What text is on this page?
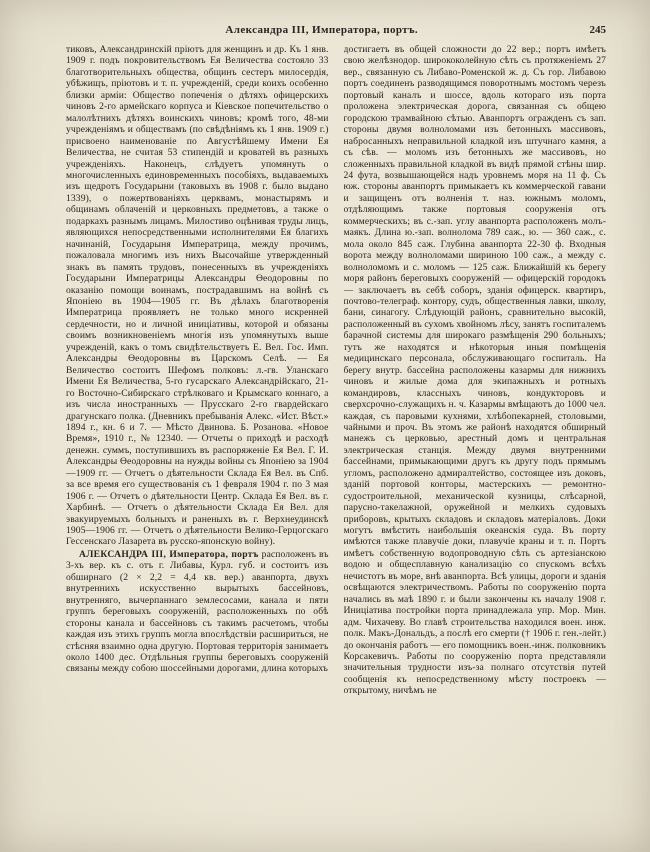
Александра III, Императора, портъ.	245

тиковъ, Александринскій пріютъ для женщинъ и др. Къ 1 янв. 1909 г. подъ покровительствомъ Ея Величества состояло 33 благотворительныхъ общества, общинъ сестеръ милосердія, убѣжищъ, пріютовъ и т. п. учрежденій, среди коихъ особенно близки арміи: Общество попеченія о дѣтяхъ офицерскихъ чиновъ 2-го армейскаго корпуса и Кіевское попечительство о малолѣтнихъ дѣтяхъ воинскихъ чиновъ; кромѣ того, 48-ми учрежденіямъ и обществамъ (по свѣдѣніямъ къ 1 янв. 1909 г.) присвоено наименованіе по Августѣйшему Имени Ея Величества, не считая 53 стипендій и кроватей въ разныхъ учрежденіяхъ. Наконецъ, слѣдуетъ упомянуть о многочисленныхъ единовременныхъ пособіяхъ, выдаваемыхъ изъ щедротъ Государыни (таковыхъ въ 1908 г. было выдано 1339), о пожертвованіяхъ церквамъ, монастырямъ и общинамъ облаченій и церковныхъ предметовъ, а также о подаркахъ разнымъ лицамъ. Милостиво оцѣнивая труды лицъ, являющихся непосредственными исполнителями Ея благихъ начинаній, Государыня Императрица, между прочимъ, пожаловала многимъ изъ нихъ Высочайше утвержденный знакъ въ память трудовъ, понесенныхъ въ учрежденіяхъ Государыни Императрицы Александры Ѳеодоровны по оказанію помощи воинамъ, пострадавшимъ на войнѣ съ Японіею въ 1904—1905 гг. Въ дѣлахъ благотворенія Императрица проявляетъ не только много искренней сердечности, но и личной иниціативы, которой и обязаны своимъ возникновеніемъ многія изъ упомянутыхъ выше учрежденій, какъ о томъ свидѣтельствуетъ Е. Вел. Гос. Имп. Александры Ѳеодоровны въ Царскомъ Селѣ. — Ея Величество состоитъ Шефомъ полковъ: л.-гв. Уланскаго Имени Ея Величества, 5-го гусарскаго Александрійскаго, 21-го Восточно-Сибирскаго стрѣлковаго и Крымскаго коннаго, а изъ числа иностранныхъ — Прусскаго 2-го гвардейскаго драгунскаго полка. (Дневникъ пребыванія Алекс. «Ист. Вѣст.» 1894 г., кн. 6 и 7. — Мѣсто Двинова. Б. Розанова. «Новое Время», 1910 г., № 12340. — Отчеты о приходѣ и расходѣ денежн. суммъ, поступившихъ въ распоряженіе Ея Вел. Г. И. Александры Ѳеодоровны на нужды войны съ Японіею за 1904—1909 гг. — Отчетъ о дѣятельности Склада Ея Вел. въ Спб. за все время его существованія съ 1 февраля 1904 г. по 3 мая 1906 г. — Отчетъ о дѣятельности Центр. Склада Ея Вел. въ г. Харбинѣ. — Отчетъ о дѣятельности Склада Ея Вел. для эвакуируемыхъ больныхъ и раненыхъ въ г. Верхнеудинскѣ 1905—1906 гг. — Отчетъ о дѣятельности Велико-Герцогскаго Гессенскаго Лазарета въ русско-японскую войну).

АЛЕКСАНДРА III, Императора, портъ расположенъ въ 3-хъ вер. къ с. отъ г. Либавы, Курл. губ. и состоитъ изъ обширнаго (2 × 2,2 = 4,4 кв. вер.) аванпорта, двухъ внутреннихъ искусственно вырытыхъ бассейновъ, внутренняго, вычерпаннаго землесосами, канала и пяти группъ береговыхъ сооруженій, расположенныхъ по обѣ стороны канала и бассейновъ съ такимъ расчетомъ, чтобы каждая изъ этихъ группъ могла впослѣдствіи расшириться, не стѣсняя взаимно одна другую. Портовая территорія занимаетъ около 1400 дес. Отдѣльныя группы береговыхъ сооруженій связаны между собою шоссейными дорогами, длина которыхъ

достигаетъ въ общей сложности до 22 вер.; портъ имѣетъ свою желѣзнодор. ширококолейную сѣть съ протяженіемъ 27 вер., связанную съ Либаво-Роменской ж. д. Съ гор. Либавою портъ соединенъ разводящимся поворотнымъ мостомъ черезъ портовый каналъ и шоссе, вдоль котораго изъ порта проложена электрическая дорога, связанная съ общею городскою трамвайною сѣтью. Аванпортъ огражденъ съ зап. стороны двумя волноломами изъ бетонныхъ массивовъ, набросанныхъ неправильной кладкой изъ штучнаго камня, а съ сѣв. — моломъ изъ бетонныхъ же массивовъ, но сложенныхъ правильной кладкой въ видѣ прямой стѣны шир. 24 фута, возвышающейся надъ уровнемъ моря на 11 ф. Съ юж. стороны аванпортъ примыкаетъ къ коммерческой гавани и защищенъ отъ волненія т. наз. южнымъ моломъ, отдѣляющимъ также портовыя сооруженія отъ коммерческихъ; въ с.-зап. углу аванпорта расположенъ молъ-маякъ. Длина ю.-зап. волнолома 789 саж., ю. — 360 саж., с. мола около 845 саж. Глубина аванпорта 22-30 ф. Входныя ворота между волноломами шириною 100 саж., а между с. волноломомъ и с. моломъ — 125 саж. Ближайшій къ берегу моря районъ береговыхъ сооруженій — офицерскій городокъ — заключаетъ въ себѣ соборъ, зданія офицерск. квартиръ, почтово-телеграф. контору, судъ, общественныя лавки, школу, бани, синагогу. Слѣдующій районъ, сравнительно высокій, расположенный въ сухомъ хвойномъ лѣсу, занятъ госпиталемъ барачной системы для широкаго размѣщенія 290 больныхъ; тутъ же находятся и нѣкоторыя иныя помѣщенія медицинскаго персонала, обслуживающаго госпиталь. На берегу внутр. бассейна расположены казармы для нижнихъ чиновъ и жилые дома для экипажныхъ и ротныхъ командировъ, классныхъ чиновъ, кондукторовъ и сверхсрочно-служащихъ н. ч. Казармы вмѣщаютъ до 1000 чел. каждая, съ паровыми кухнями, хлѣбопекарней, столовыми, чайными и проч. Въ этомъ же районѣ находятся обширный манежъ съ церковью, арестный домъ и центральная электрическая станція. Между двумя внутренними бассейнами, примыкающими другъ къ другу подъ прямымъ угломъ, расположено адмиралтейство, состоящее изъ доковъ, зданій портовой конторы, мастерскихъ — ремонтно-судостроительной, механической кузницы, слѣсарной, парусно-такелажной, оружейной и мелкихъ судовыхъ приборовъ, крытыхъ складовъ и складовъ матеріаловъ. Доки могутъ вмѣстить наибольшія океанскія суда. Въ порту имѣются также плавучіе доки, плавучіе краны и т. п. Портъ имѣетъ собственную водопроводную сѣть съ артезіанскою водою и общесплавную канализацію со спускомъ всѣхъ нечистотъ въ море, внѣ аванпорта. Всѣ улицы, дороги и зданія освѣщаются электричествомъ. Работы по сооруженію порта начались въ маѣ 1890 г. и были закончены къ началу 1908 г. Иниціатива постройки порта принадлежала упр. Мор. Мин. адм. Чихачеву. Во главѣ строительства находился воен. инж. полк. Макъ-Дональдъ, а послѣ его смерти († 1906 г. ген.-лейт.) до окончанія работъ — его помощникъ воен.-инж. полковникъ Корсакевичъ. Работы по сооруженію порта представляли значительныя трудности изъ-за полнаго отсутствія путей сообщенія къ непосредственному мѣсту построекъ — открытому, ничѣмъ не
